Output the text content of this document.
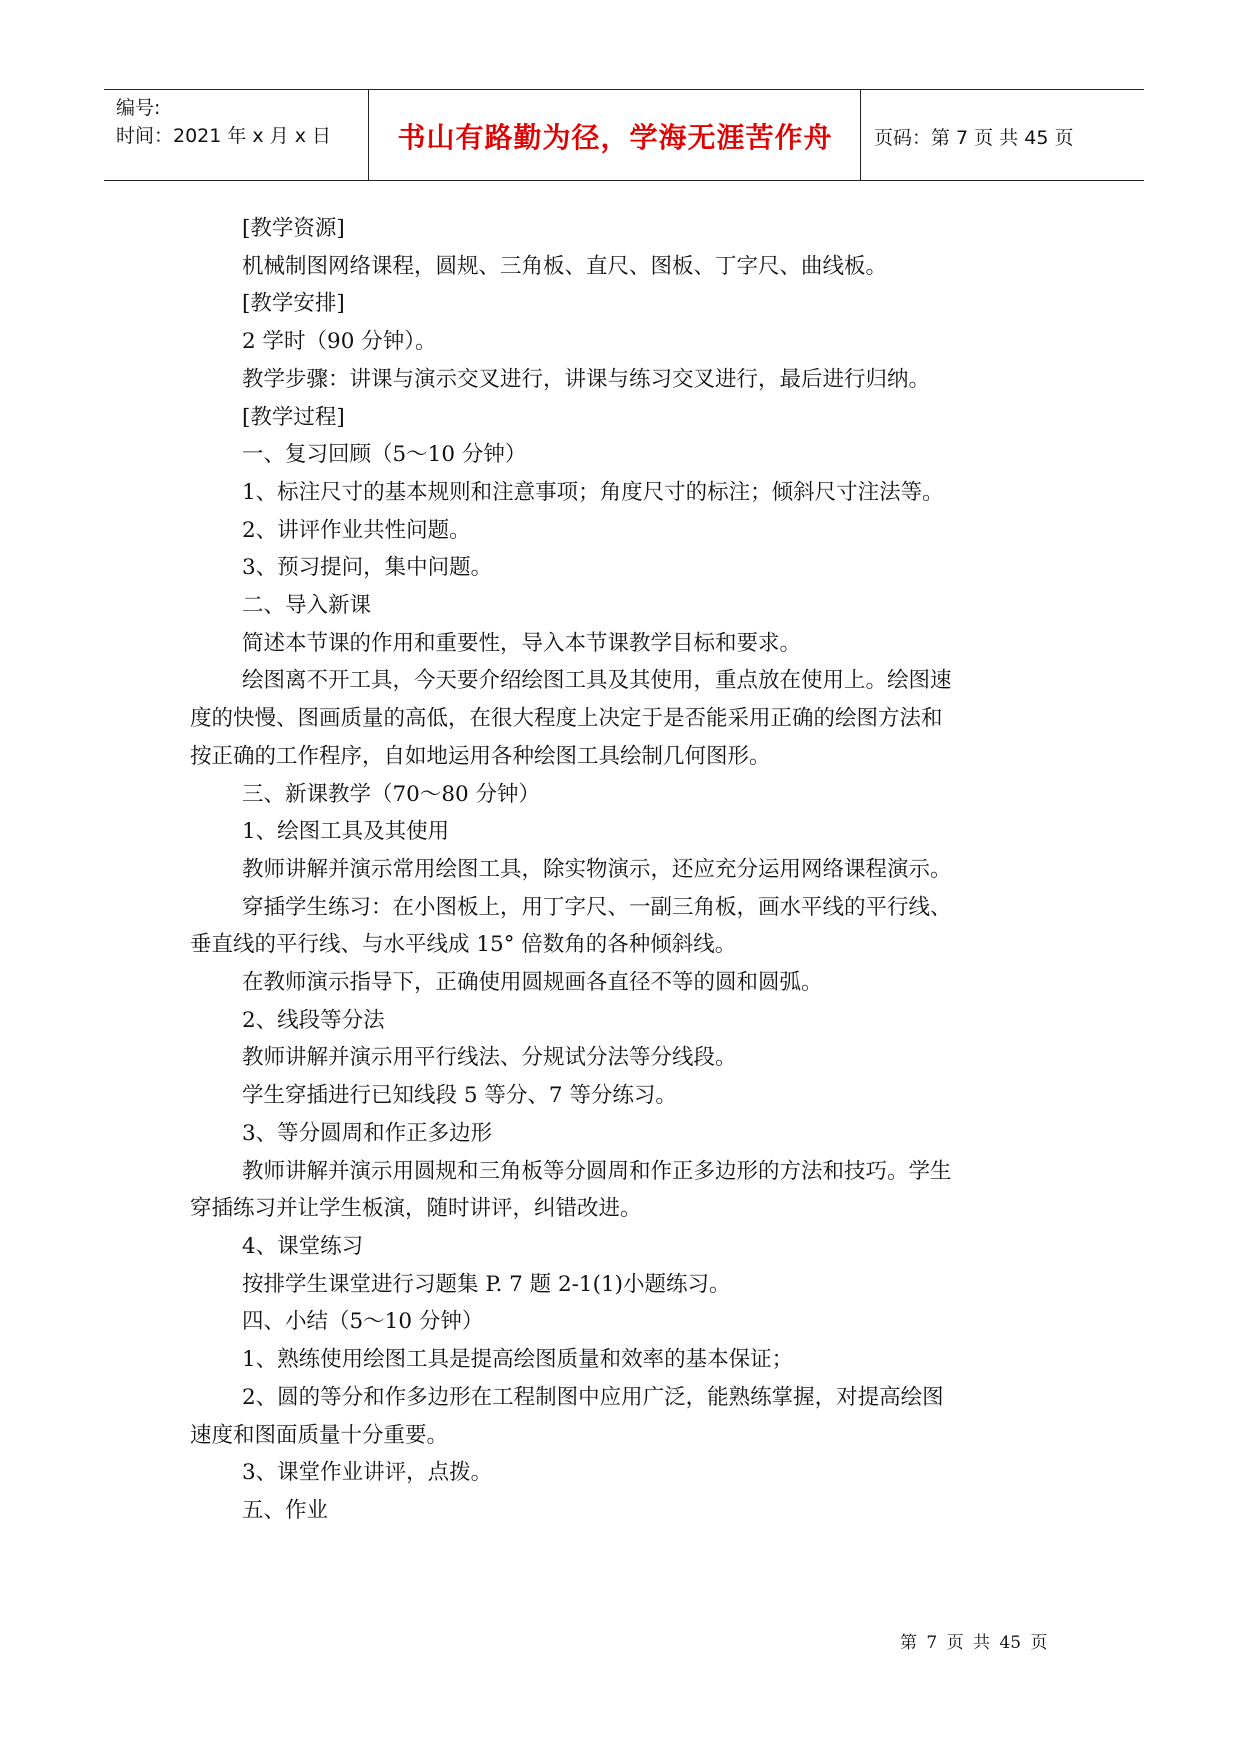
编号:
时间：2021 年 x 月 x 日	书山有路勤为径，学海无涯苦作舟	页码：第 7 页 共 45 页

[教学资源]

机械制图网络课程，圆规、三角板、直尺、图板、丁字尺、曲线板。

[教学安排]

2 学时（90 分钟）。

教学步骤：讲课与演示交叉进行，讲课与练习交叉进行，最后进行归纳。

[教学过程]

一、复习回顾（5～10 分钟）

1、标注尺寸的基本规则和注意事项；角度尺寸的标注；倾斜尺寸注法等。

2、讲评作业共性问题。

3、预习提问，集中问题。

二、导入新课

简述本节课的作用和重要性，导入本节课教学目标和要求。

绘图离不开工具，今天要介绍绘图工具及其使用，重点放在使用上。绘图速

度的快慢、图画质量的高低，在很大程度上决定于是否能采用正确的绘图方法和

按正确的工作程序，自如地运用各种绘图工具绘制几何图形。

三、新课教学（70～80 分钟）

1、绘图工具及其使用

教师讲解并演示常用绘图工具，除实物演示，还应充分运用网络课程演示。

穿插学生练习：在小图板上，用丁字尺、一副三角板，画水平线的平行线、

垂直线的平行线、与水平线成 15° 倍数角的各种倾斜线。

在教师演示指导下，正确使用圆规画各直径不等的圆和圆弧。

2、线段等分法

教师讲解并演示用平行线法、分规试分法等分线段。

学生穿插进行已知线段 5 等分、7 等分练习。

3、等分圆周和作正多边形

教师讲解并演示用圆规和三角板等分圆周和作正多边形的方法和技巧。学生

穿插练习并让学生板演，随时讲评，纠错改进。

4、课堂练习

按排学生课堂进行习题集 P. 7 题 2-1(1)小题练习。

四、小结（5～10 分钟）

1、熟练使用绘图工具是提高绘图质量和效率的基本保证；

2、圆的等分和作多边形在工程制图中应用广泛，能熟练掌握，对提高绘图

速度和图面质量十分重要。

3、课堂作业讲评，点拨。

五、作业

第 7 页 共 45 页
